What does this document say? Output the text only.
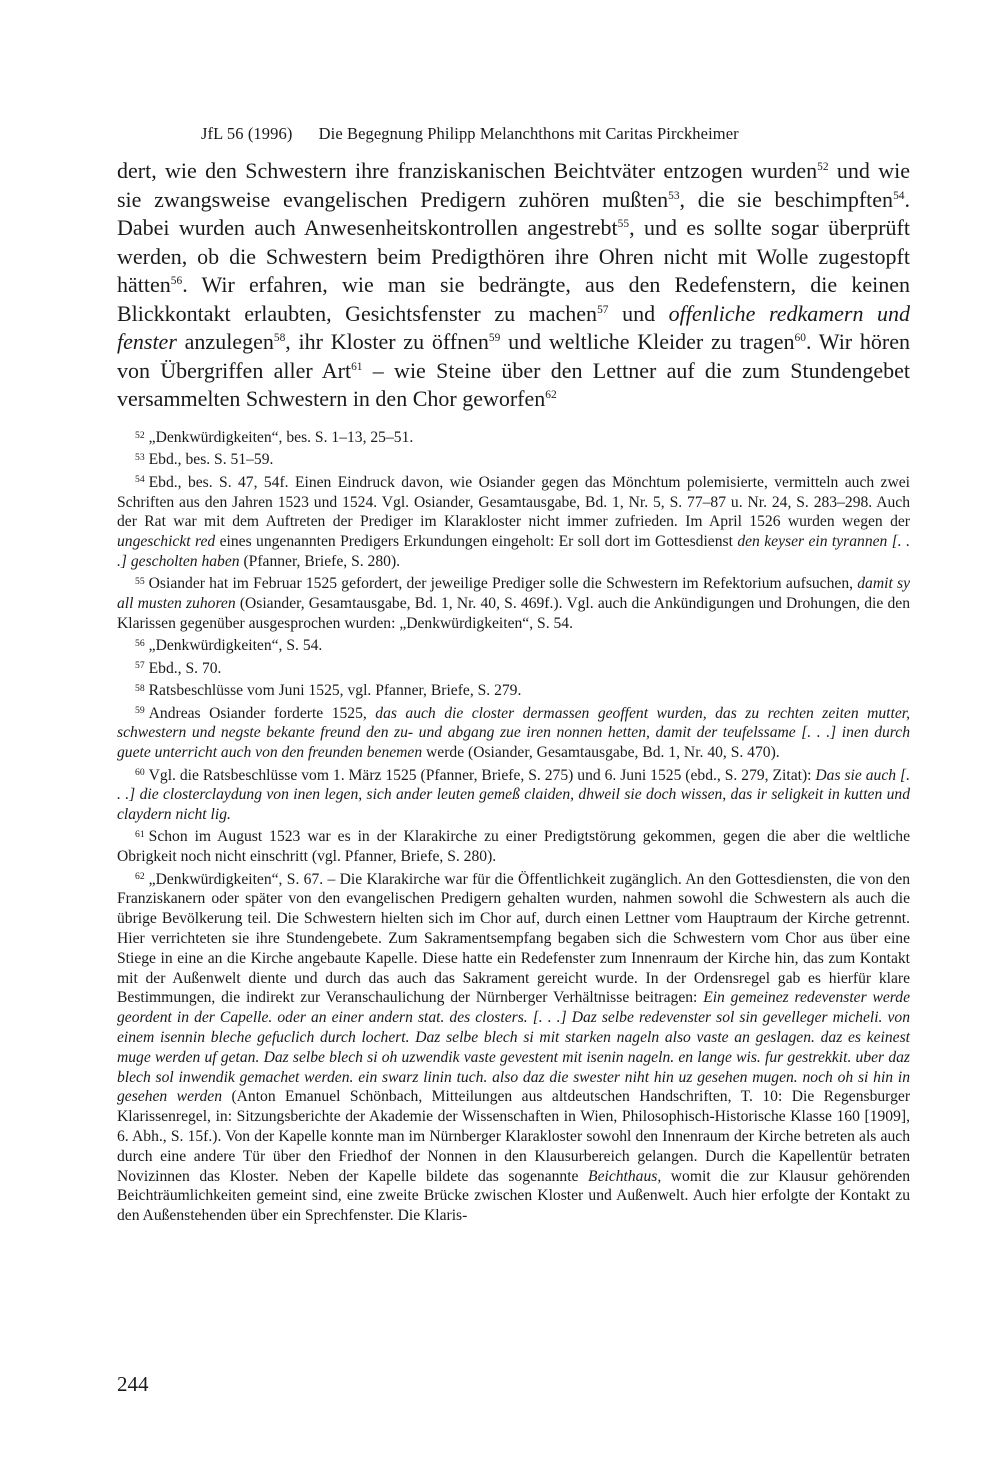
JfL 56 (1996) Die Begegnung Philipp Melanchthons mit Caritas Pirckheimer

dert, wie den Schwestern ihre franziskanischen Beichtväter entzogen wurden$^{52}$ und wie sie zwangsweise evangelischen Predigern zuhören mußten$^{53}$, die sie beschimpften$^{54}$. Dabei wurden auch Anwesenheitskontrollen angestrebt$^{55}$, und es sollte sogar überprüft werden, ob die Schwestern beim Predigthören ihre Ohren nicht mit Wolle zugestopft hätten$^{56}$. Wir erfahren, wie man sie bedrängte, aus den Redefenstern, die keinen Blickkontakt erlaubten, Gesichtsfenster zu machen$^{57}$ und offenliche redkamern und fenster anzulegen$^{58}$, ihr Kloster zu öffnen$^{59}$ und weltliche Kleider zu tragen$^{60}$. Wir hören von Übergriffen aller Art$^{61}$ – wie Steine über den Lettner auf die zum Stundengebet versammelten Schwestern in den Chor geworfen$^{62}$

$^{52}$ „Denkwürdigkeiten“, bes. S. 1–13, 25–51.

$^{53}$ Ebd., bes. S. 51–59.

$^{54}$ Ebd., bes. S. 47, 54f. Einen Eindruck davon, wie Osiander gegen das Mönchtum polemisierte, vermitteln auch zwei Schriften aus den Jahren 1523 und 1524. Vgl. Osiander, Gesamtausgabe, Bd. 1, Nr. 5, S. 77–87 u. Nr. 24, S. 283–298. Auch der Rat war mit dem Auftreten der Prediger im Klarakloster nicht immer zufrieden. Im April 1526 wurden wegen der ungeschickt red eines ungenannten Predigers Erkundungen eingeholt: Er soll dort im Gottesdienst den keyser ein tyrannen [. . .] gescholten haben (Pfanner, Briefe, S. 280).

$^{55}$ Osiander hat im Februar 1525 gefordert, der jeweilige Prediger solle die Schwestern im Refektorium aufsuchen, damit sy all musten zuhoren (Osiander, Gesamtausgabe, Bd. 1, Nr. 40, S. 469f.). Vgl. auch die Ankündigungen und Drohungen, die den Klarissen gegenüber ausgesprochen wurden: „Denkwürdigkeiten“, S. 54.

$^{56}$ „Denkwürdigkeiten“, S. 54.

$^{57}$ Ebd., S. 70.

$^{58}$ Ratsbeschlüsse vom Juni 1525, vgl. Pfanner, Briefe, S. 279.

$^{59}$ Andreas Osiander forderte 1525, das auch die closter dermassen geoffent wurden, das zu rechten zeiten mutter, schwestern und negste bekante freund den zu- und abgang zue iren nonnen hetten, damit der teufelssame [. . .] inen durch guete unterricht auch von den freunden benemen werde (Osiander, Gesamtausgabe, Bd. 1, Nr. 40, S. 470).

$^{60}$ Vgl. die Ratsbeschlüsse vom 1. März 1525 (Pfanner, Briefe, S. 275) und 6. Juni 1525 (ebd., S. 279, Zitat): Das sie auch [. . .] die closterclaydung von inen legen, sich ander leuten gemeß claiden, dhweil sie doch wissen, das ir seligkeit in kutten und claydern nicht lig.

$^{61}$ Schon im August 1523 war es in der Klarakirche zu einer Predigtstörung gekommen, gegen die aber die weltliche Obrigkeit noch nicht einschritt (vgl. Pfanner, Briefe, S. 280).

$^{62}$ „Denkwürdigkeiten“, S. 67. – Die Klarakirche war für die Öffentlichkeit zugänglich. An den Gottesdiensten, die von den Franziskanern oder später von den evangelischen Predigern gehalten wurden, nahmen sowohl die Schwestern als auch die übrige Bevölkerung teil. Die Schwestern hielten sich im Chor auf, durch einen Lettner vom Hauptraum der Kirche getrennt. Hier verrichteten sie ihre Stundengebete. Zum Sakramentsempfang begaben sich die Schwestern vom Chor aus über eine Stiege in eine an die Kirche angebaute Kapelle. Diese hatte ein Redefenster zum Innenraum der Kirche hin, das zum Kontakt mit der Außenwelt diente und durch das auch das Sakrament gereicht wurde. In der Ordensregel gab es hierfür klare Bestimmungen, die indirekt zur Veranschaulichung der Nürnberger Verhältnisse beitragen: Ein gemeinez redevenster werde geordent in der Capelle. oder an einer andern stat. des closters. [. . .] Daz selbe redevenster sol sin gevelleger micheli. von einem isennin bleche gefuclich durch lochert. Daz selbe blech si mit starken nageln also vaste an geslagen. daz es keinest muge werden uf getan. Daz selbe blech si oh uzwendik vaste gevestent mit isenin nageln. en lange wis. fur gestrekkit. uber daz blech sol inwendik gemachet werden. ein swarz linin tuch. also daz die swester niht hin uz gesehen mugen. noch oh si hin in gesehen werden (Anton Emanuel Schönbach, Mitteilungen aus altdeutschen Handschriften, T. 10: Die Regensburger Klarissenregel, in: Sitzungsberichte der Akademie der Wissenschaften in Wien, Philosophisch-Historische Klasse 160 [1909], 6. Abh., S. 15f.). Von der Kapelle konnte man im Nürnberger Klarakloster sowohl den Innenraum der Kirche betreten als auch durch eine andere Tür über den Friedhof der Nonnen in den Klausurbereich gelangen. Durch die Kapellentür betraten Novizinnen das Kloster. Neben der Kapelle bildete das sogenannte Beichthaus, womit die zur Klausur gehörenden Beichträumlichkeiten gemeint sind, eine zweite Brücke zwischen Kloster und Außenwelt. Auch hier erfolgte der Kontakt zu den Außenstehenden über ein Sprechfenster. Die Klaris-

244
